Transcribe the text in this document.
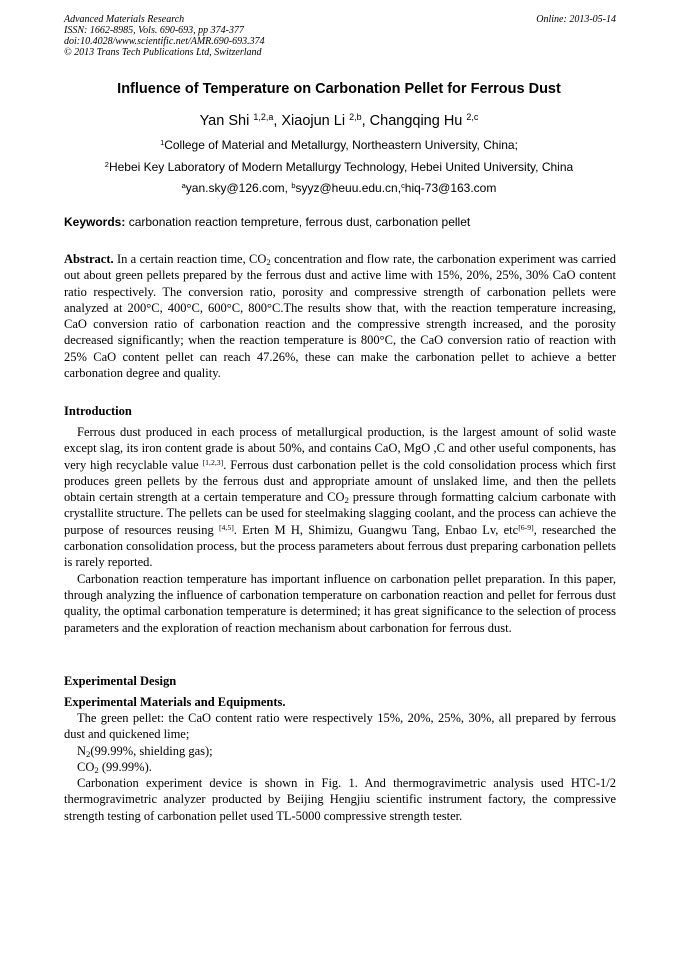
Advanced Materials Research
ISSN: 1662-8985, Vols. 690-693, pp 374-377
doi:10.4028/www.scientific.net/AMR.690-693.374
© 2013 Trans Tech Publications Ltd, Switzerland
Online: 2013-05-14
Influence of Temperature on Carbonation Pellet for Ferrous Dust
Yan Shi $^{1,2,a}$, Xiaojun Li $^{2,b}$, Changqing Hu $^{2,c}$
$^1$College of Material and Metallurgy, Northeastern University, China;
$^2$Hebei Key Laboratory of Modern Metallurgy Technology, Hebei United University, China
$^a$yan.sky@126.com, $^b$syyz@heuu.edu.cn,$^c$hiq-73@163.com
Keywords: carbonation reaction tempreture, ferrous dust, carbonation pellet

Abstract. In a certain reaction time, $CO_2$ concentration and flow rate, the carbonation experiment was carried out about green pellets prepared by the ferrous dust and active lime with 15%, 20%, 25%, 30% CaO content ratio respectively. The conversion ratio, porosity and compressive strength of carbonation pellets were analyzed at 200°C, 400°C, 600°C, 800°C.The results show that, with the reaction temperature increasing, CaO conversion ratio of carbonation reaction and the compressive strength increased, and the porosity decreased significantly; when the reaction temperature is 800°C, the CaO conversion ratio of reaction with 25% CaO content pellet can reach 47.26%, these can make the carbonation pellet to achieve a better carbonation degree and quality.

Introduction

Ferrous dust produced in each process of metallurgical production, is the largest amount of solid waste except slag, its iron content grade is about 50%, and contains CaO, MgO ,C and other useful components, has very high recyclable value [1,2,3]. Ferrous dust carbonation pellet is the cold consolidation process which first produces green pellets by the ferrous dust and appropriate amount of unslaked lime, and then the pellets obtain certain strength at a certain temperature and $CO_2$ pressure through formatting calcium carbonate with crystallite structure. The pellets can be used for steelmaking slagging coolant, and the process can achieve the purpose of resources reusing [4,5]. Erten M H, Shimizu, Guangwu Tang, Enbao Lv, etc[6-9], researched the carbonation consolidation process, but the process parameters about ferrous dust preparing carbonation pellets is rarely reported.

Carbonation reaction temperature has important influence on carbonation pellet preparation. In this paper, through analyzing the influence of carbonation temperature on carbonation reaction and pellet for ferrous dust quality, the optimal carbonation temperature is determined; it has great significance to the selection of process parameters and the exploration of reaction mechanism about carbonation for ferrous dust.

Experimental Design
Experimental Materials and Equipments.

The green pellet: the CaO content ratio were respectively 15%, 20%, 25%, 30%, all prepared by ferrous dust and quickened lime;

$N_2(99.99\%$, shielding gas);

$CO_2$ (99.99%).

Carbonation experiment device is shown in Fig. 1. And thermogravimetric analysis used HTC-1/2 thermogravimetric analyzer producted by Beijing Hengjiu scientific instrument factory, the compressive strength testing of carbonation pellet used TL-5000 compressive strength tester.
